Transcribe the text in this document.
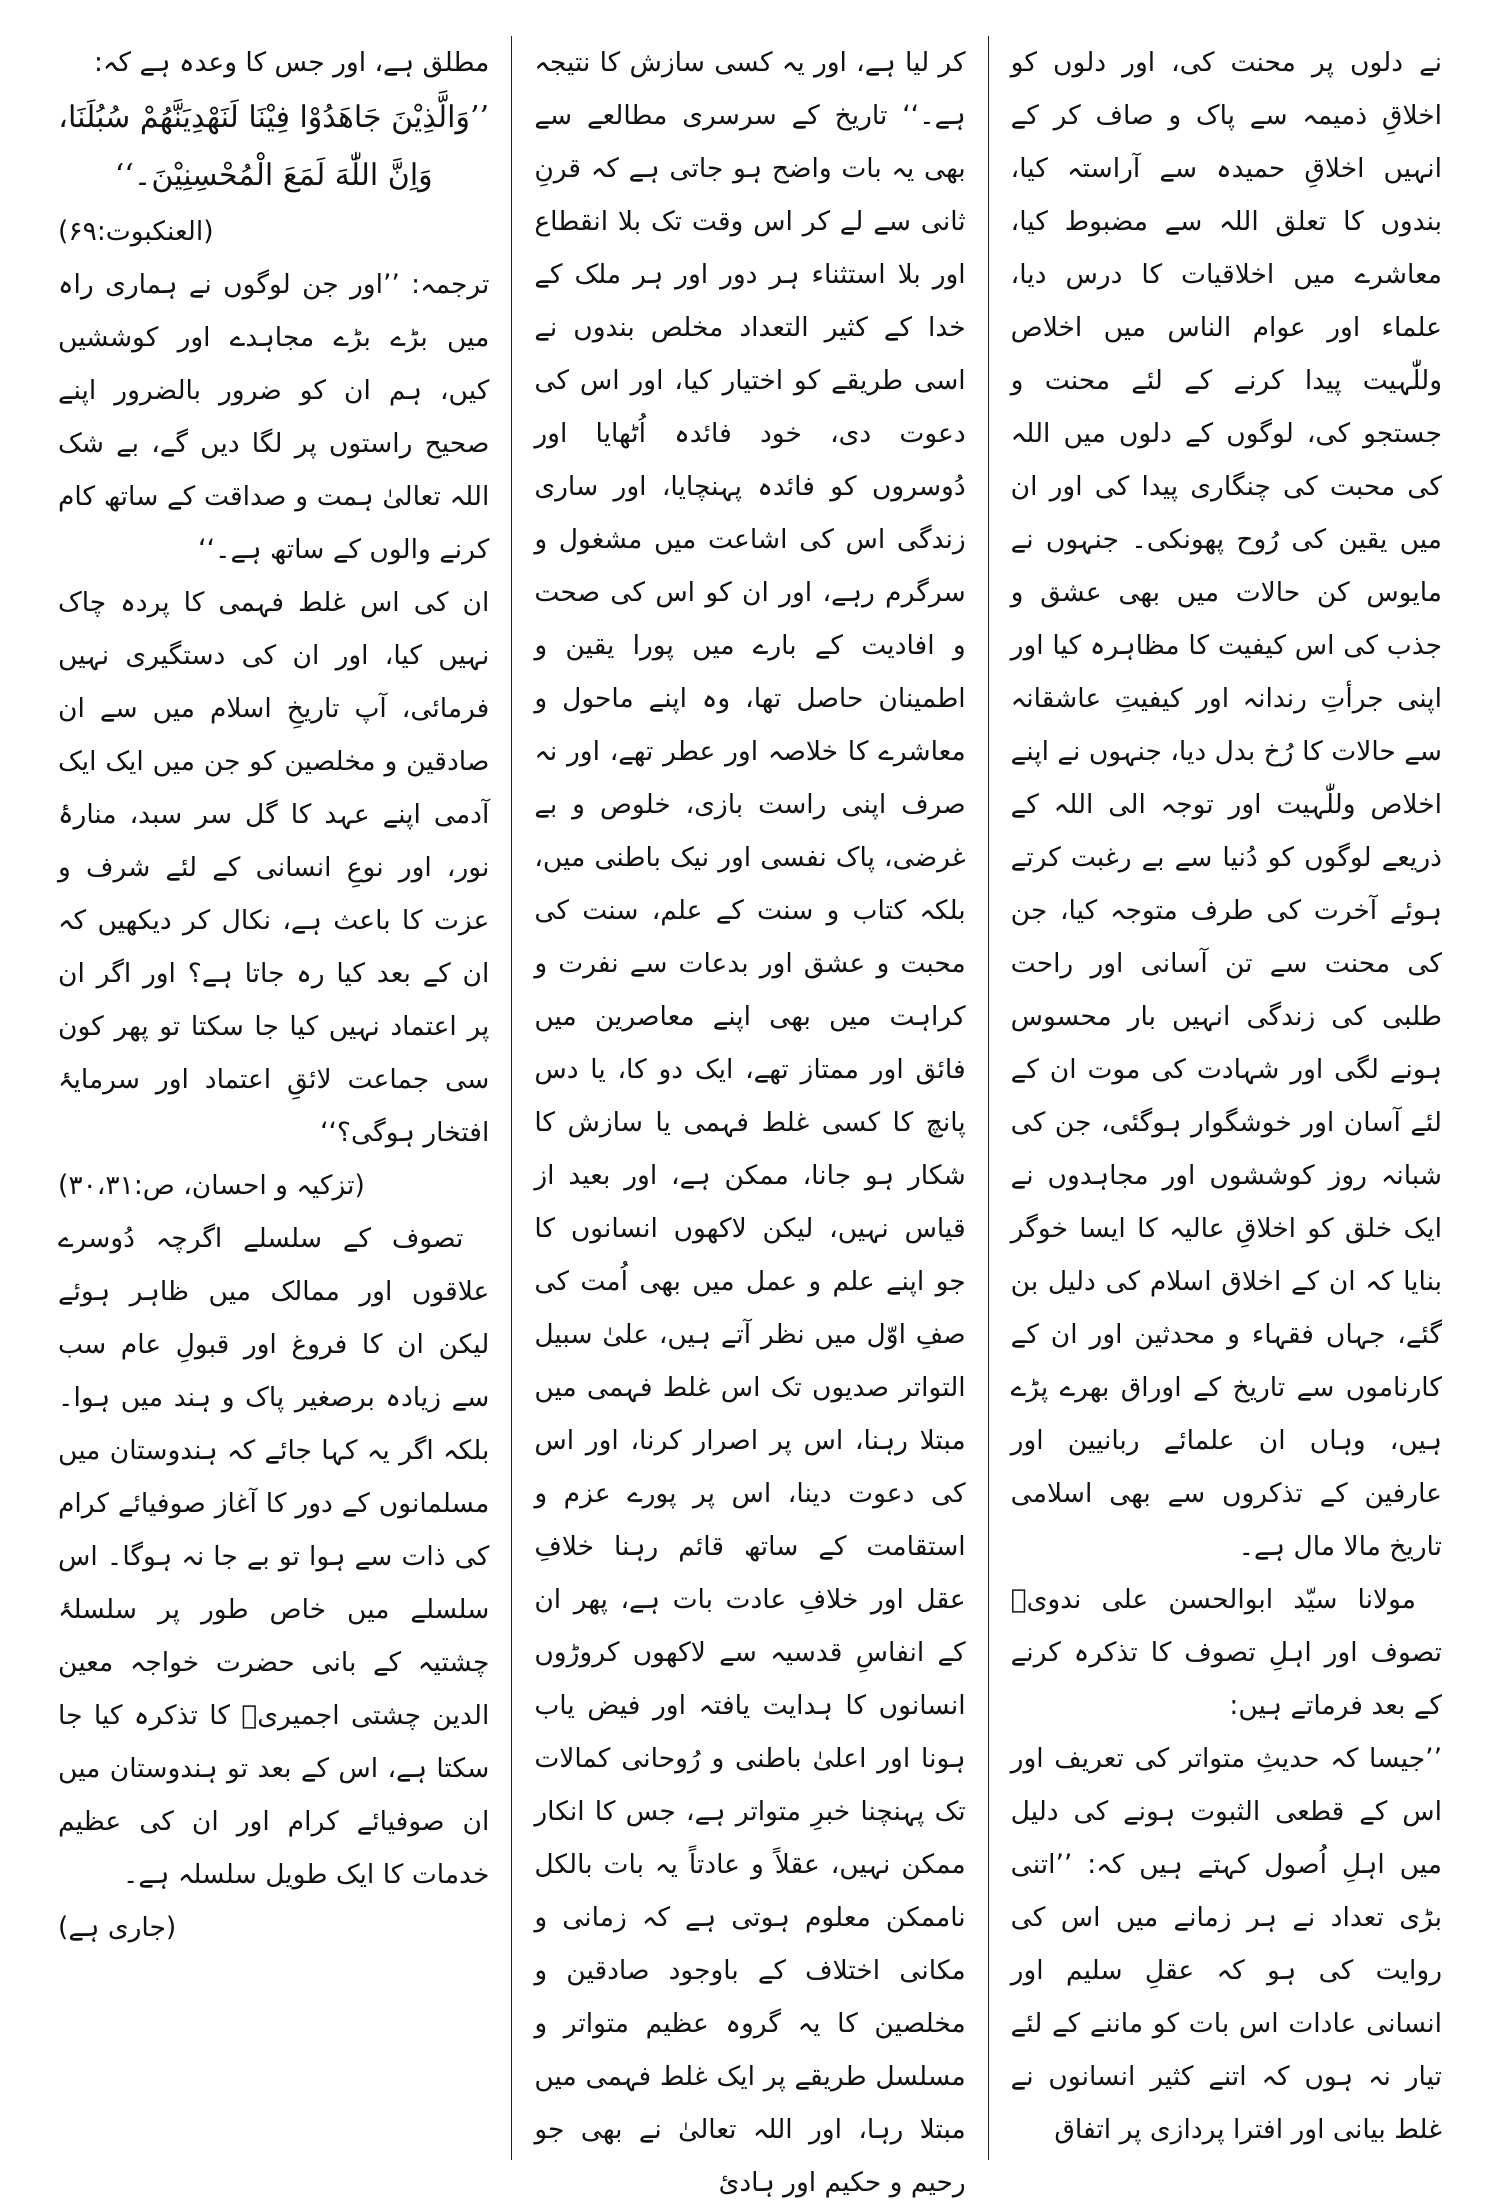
نے دلوں پر محنت کی، اور دلوں کو اخلاقِ ذمیمہ سے پاک و صاف کر کے انہیں اخلاقِ حمیدہ سے آراستہ کیا، بندوں کا تعلق اللہ سے مضبوط کیا، معاشرے میں اخلاقیات کا درس دیا، علماء اور عوام الناس میں اخلاص وللّٰہیت پیدا کرنے کے لئے محنت و جستجو کی، لوگوں کے دلوں میں اللہ کی محبت کی چنگاری پیدا کی اور ان میں یقین کی رُوح پھونکی۔ جنہوں نے مایوس کن حالات میں بھی عشق و جذب کی اس کیفیت کا مظاہرہ کیا اور اپنی جرأتِ رندانہ اور کیفیتِ عاشقانہ سے حالات کا رُخ بدل دیا، جنہوں نے اپنے اخلاص وللّٰہیت اور توجہ الی اللہ کے ذریعے لوگوں کو دُنیا سے بے رغبت کرتے ہوئے آخرت کی طرف متوجہ کیا، جن کی محنت سے تن آسانی اور راحت طلبی کی زندگی انہیں بار محسوس ہونے لگی اور شہادت کی موت ان کے لئے آسان اور خوشگوار ہوگئی، جن کی شبانہ روز کوششوں اور مجاہدوں نے ایک خلق کو اخلاقِ عالیہ کا ایسا خوگر بنایا کہ ان کے اخلاق اسلام کی دلیل بن گئے، جہاں فقہاء و محدثین اور ان کے کارناموں سے تاریخ کے اوراق بھرے پڑے ہیں، وہاں ان علمائے ربانیین اور عارفین کے تذکروں سے بھی اسلامی تاریخ مالا مال ہے۔

مولانا سیّد ابوالحسن علی ندویؒ تصوف اور اہلِ تصوف کا تذکرہ کرنے کے بعد فرماتے ہیں:

’’جیسا کہ حدیثِ متواتر کی تعریف اور اس کے قطعی الثبوت ہونے کی دلیل میں اہلِ اُصول کہتے ہیں کہ: ’’اتنی بڑی تعداد نے ہر زمانے میں اس کی روایت کی ہو کہ عقلِ سلیم اور انسانی عادات اس بات کو ماننے کے لئے تیار نہ ہوں کہ اتنے کثیر انسانوں نے غلط بیانی اور افترا پردازی پر اتفاق

کر لیا ہے، اور یہ کسی سازش کا نتیجہ ہے۔‘‘ تاریخ کے سرسری مطالعے سے بھی یہ بات واضح ہو جاتی ہے کہ قرنِ ثانی سے لے کر اس وقت تک بلا انقطاع اور بلا استثناء ہر دور اور ہر ملک کے خدا کے کثیر التعداد مخلص بندوں نے اسی طریقے کو اختیار کیا، اور اس کی دعوت دی، خود فائدہ اُٹھایا اور دُوسروں کو فائدہ پہنچایا، اور ساری زندگی اس کی اشاعت میں مشغول و سرگرم رہے، اور ان کو اس کی صحت و افادیت کے بارے میں پورا یقین و اطمینان حاصل تھا، وہ اپنے ماحول و معاشرے کا خلاصہ اور عطر تھے، اور نہ صرف اپنی راست بازی، خلوص و بے غرضی، پاک نفسی اور نیک باطنی میں، بلکہ کتاب و سنت کے علم، سنت کی محبت و عشق اور بدعات سے نفرت و کراہت میں بھی اپنے معاصرین میں فائق اور ممتاز تھے، ایک دو کا، یا دس پانچ کا کسی غلط فہمی یا سازش کا شکار ہو جانا، ممکن ہے، اور بعید از قیاس نہیں، لیکن لاکھوں انسانوں کا جو اپنے علم و عمل میں بھی اُمت کی صفِ اوّل میں نظر آتے ہیں، علیٰ سبیل التواتر صدیوں تک اس غلط فہمی میں مبتلا رہنا، اس پر اصرار کرنا، اور اس کی دعوت دینا، اس پر پورے عزم و استقامت کے ساتھ قائم رہنا خلافِ عقل اور خلافِ عادت بات ہے، پھر ان کے انفاسِ قدسیہ سے لاکھوں کروڑوں انسانوں کا ہدایت یافتہ اور فیض یاب ہونا اور اعلیٰ باطنی و رُوحانی کمالات تک پہنچنا خبرِ متواتر ہے، جس کا انکار ممکن نہیں، عقلاً و عادتاً یہ بات بالکل ناممکن معلوم ہوتی ہے کہ زمانی و مکانی اختلاف کے باوجود صادقین و مخلصین کا یہ گروہ عظیم متواتر و مسلسل طریقے پر ایک غلط فہمی میں مبتلا رہا، اور اللہ تعالیٰ نے بھی جو رحیم و حکیم اور ہادیٔ

مطلق ہے، اور جس کا وعدہ ہے کہ:

’’وَالَّذِيْنَ جَاهَدُوْا فِيْنَا لَنَهْدِيَنَّهُمْ سُبُلَنَا، وَاِنَّ اللّٰهَ لَمَعَ الْمُحْسِنِيْنَ۔‘‘

(العنکبوت:۶۹)

ترجمہ: ’’اور جن لوگوں نے ہماری راہ میں بڑے بڑے مجاہدے اور کوششیں کیں، ہم ان کو ضرور بالضرور اپنے صحیح راستوں پر لگا دیں گے، بے شک اللہ تعالیٰ ہمت و صداقت کے ساتھ کام کرنے والوں کے ساتھ ہے۔‘‘

ان کی اس غلط فہمی کا پردہ چاک نہیں کیا، اور ان کی دستگیری نہیں فرمائی، آپ تاریخِ اسلام میں سے ان صادقین و مخلصین کو جن میں ایک ایک آدمی اپنے عہد کا گل سر سبد، منارۂ نور، اور نوعِ انسانی کے لئے شرف و عزت کا باعث ہے، نکال کر دیکھیں کہ ان کے بعد کیا رہ جاتا ہے؟ اور اگر ان پر اعتماد نہیں کیا جا سکتا تو پھر کون سی جماعت لائقِ اعتماد اور سرمایۂ افتخار ہوگی؟‘‘

(تزکیہ و احسان، ص:۳۰،۳۱)

تصوف کے سلسلے اگرچہ دُوسرے علاقوں اور ممالک میں ظاہر ہوئے لیکن ان کا فروغ اور قبولِ عام سب سے زیادہ برصغیر پاک و ہند میں ہوا۔ بلکہ اگر یہ کہا جائے کہ ہندوستان میں مسلمانوں کے دور کا آغاز صوفیائے کرام کی ذات سے ہوا تو بے جا نہ ہوگا۔ اس سلسلے میں خاص طور پر سلسلۂ چشتیہ کے بانی حضرت خواجہ معین الدین چشتی اجمیریؒ کا تذکرہ کیا جا سکتا ہے، اس کے بعد تو ہندوستان میں ان صوفیائے کرام اور ان کی عظیم خدمات کا ایک طویل سلسلہ ہے۔

(جاری ہے)
